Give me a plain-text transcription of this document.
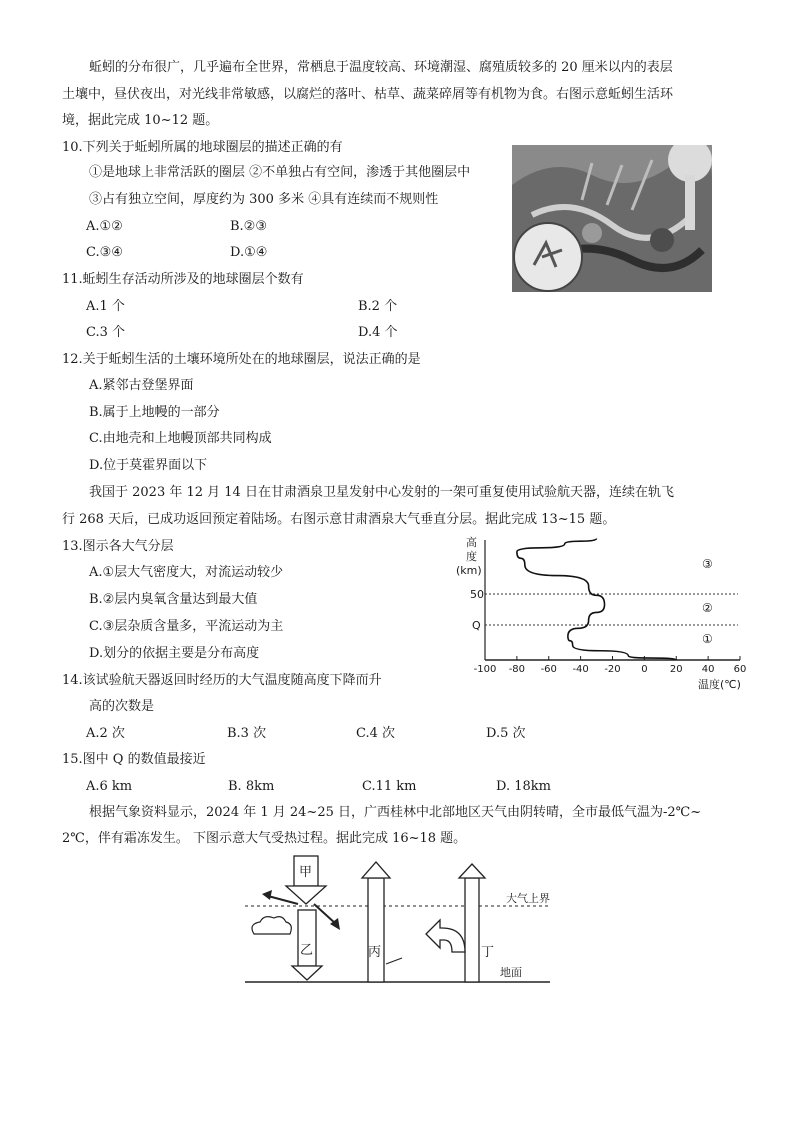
蚯蚓的分布很广，几乎遍布全世界，常栖息于温度较高、环境潮湿、腐殖质较多的 20 厘米以内的表层
土壤中，昼伏夜出，对光线非常敏感，以腐烂的落叶、枯草、蔬菜碎屑等有机物为食。右图示意蚯蚓生活环
境，据此完成 10~12 题。
10.下列关于蚯蚓所属的地球圈层的描述正确的有
①是地球上非常活跃的圈层 ②不单独占有空间，渗透于其他圈层中
③占有独立空间，厚度约为 300 多米 ④具有连续而不规则性
A.①②	B.②③
C.③④	D.①④
11.蚯蚓生存活动所涉及的地球圈层个数有
A.1 个	B.2 个
C.3 个	D.4 个
12.关于蚯蚓生活的土壤环境所处在的地球圈层，说法正确的是
A.紧邻古登堡界面
B.属于上地幔的一部分
C.由地壳和上地幔顶部共同构成
D.位于莫霍界面以下
我国于 2023 年 12 月 14 日在甘肃酒泉卫星发射中心发射的一架可重复使用试验航天器，连续在轨飞
行 268 天后，已成功返回预定着陆场。右图示意甘肃酒泉大气垂直分层。据此完成 13~15 题。
13.图示各大气分层
A.①层大气密度大，对流运动较少
B.②层内臭氧含量达到最大值
C.③层杂质含量多，平流运动为主
D.划分的依据主要是分布高度
高
度
(km)
50
Q
-100 -80 -60 -40 -20 0 20 40 60
③
②
①
温度(℃)
14.该试验航天器返回时经历的大气温度随高度下降而升
高的次数是
A.2 次	B.3 次	C.4 次	D.5 次
15.图中 Q 的数值最接近
A.6 km	B. 8km	C.11 km	D. 18km
根据气象资料显示，2024 年 1 月 24~25 日，广西桂林中北部地区天气由阴转晴，全市最低气温为-2℃~
2℃，伴有霜冻发生。 下图示意大气受热过程。据此完成 16~18 题。
甲
乙	丙	丁
大气上界
地面
